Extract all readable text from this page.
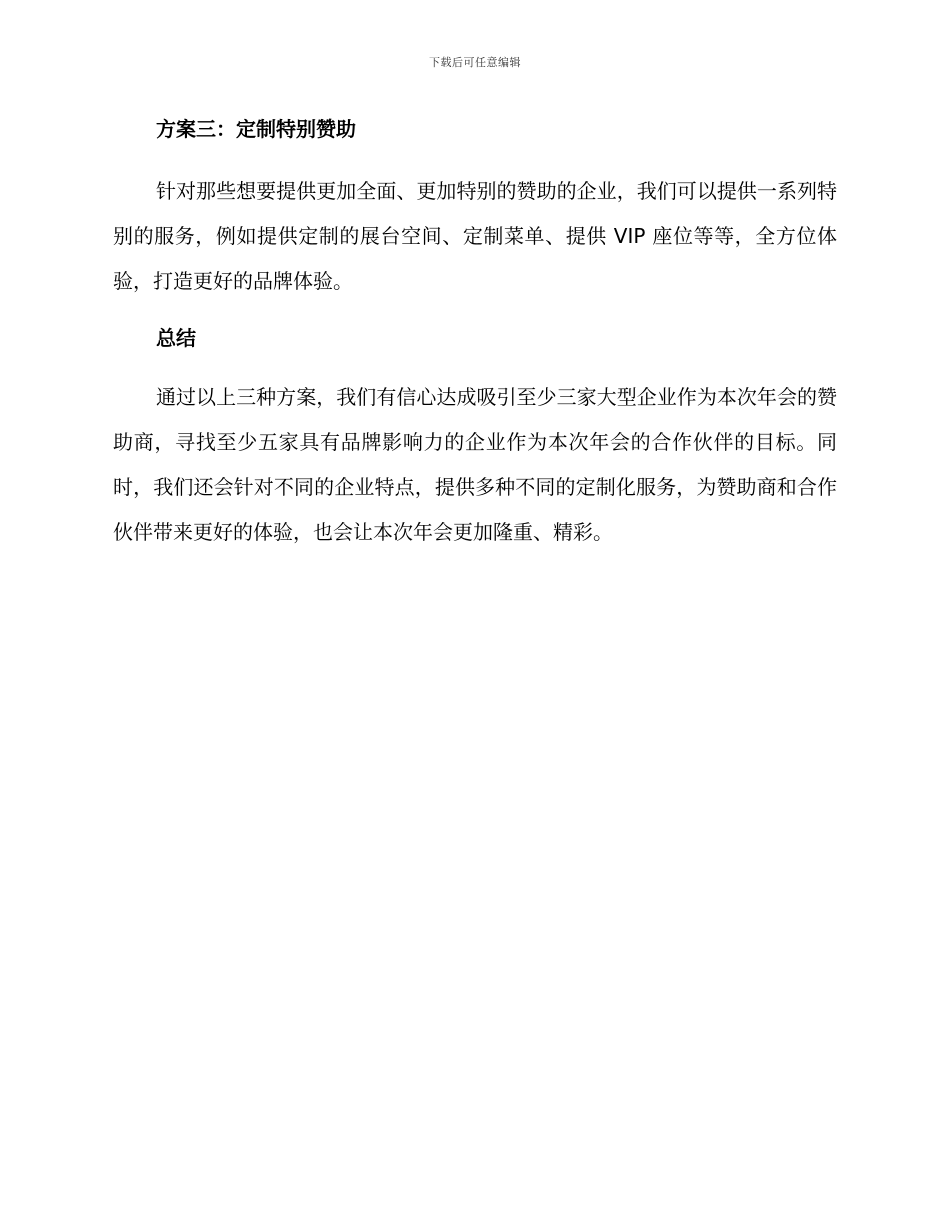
下载后可任意编辑
方案三：定制特别赞助

针对那些想要提供更加全面、更加特别的赞助的企业，我们可以提供一系列特别的服务，例如提供定制的展台空间、定制菜单、提供 VIP 座位等等，全方位体验，打造更好的品牌体验。

总结

通过以上三种方案，我们有信心达成吸引至少三家大型企业作为本次年会的赞助商，寻找至少五家具有品牌影响力的企业作为本次年会的合作伙伴的目标。同时，我们还会针对不同的企业特点，提供多种不同的定制化服务，为赞助商和合作伙伴带来更好的体验，也会让本次年会更加隆重、精彩。
